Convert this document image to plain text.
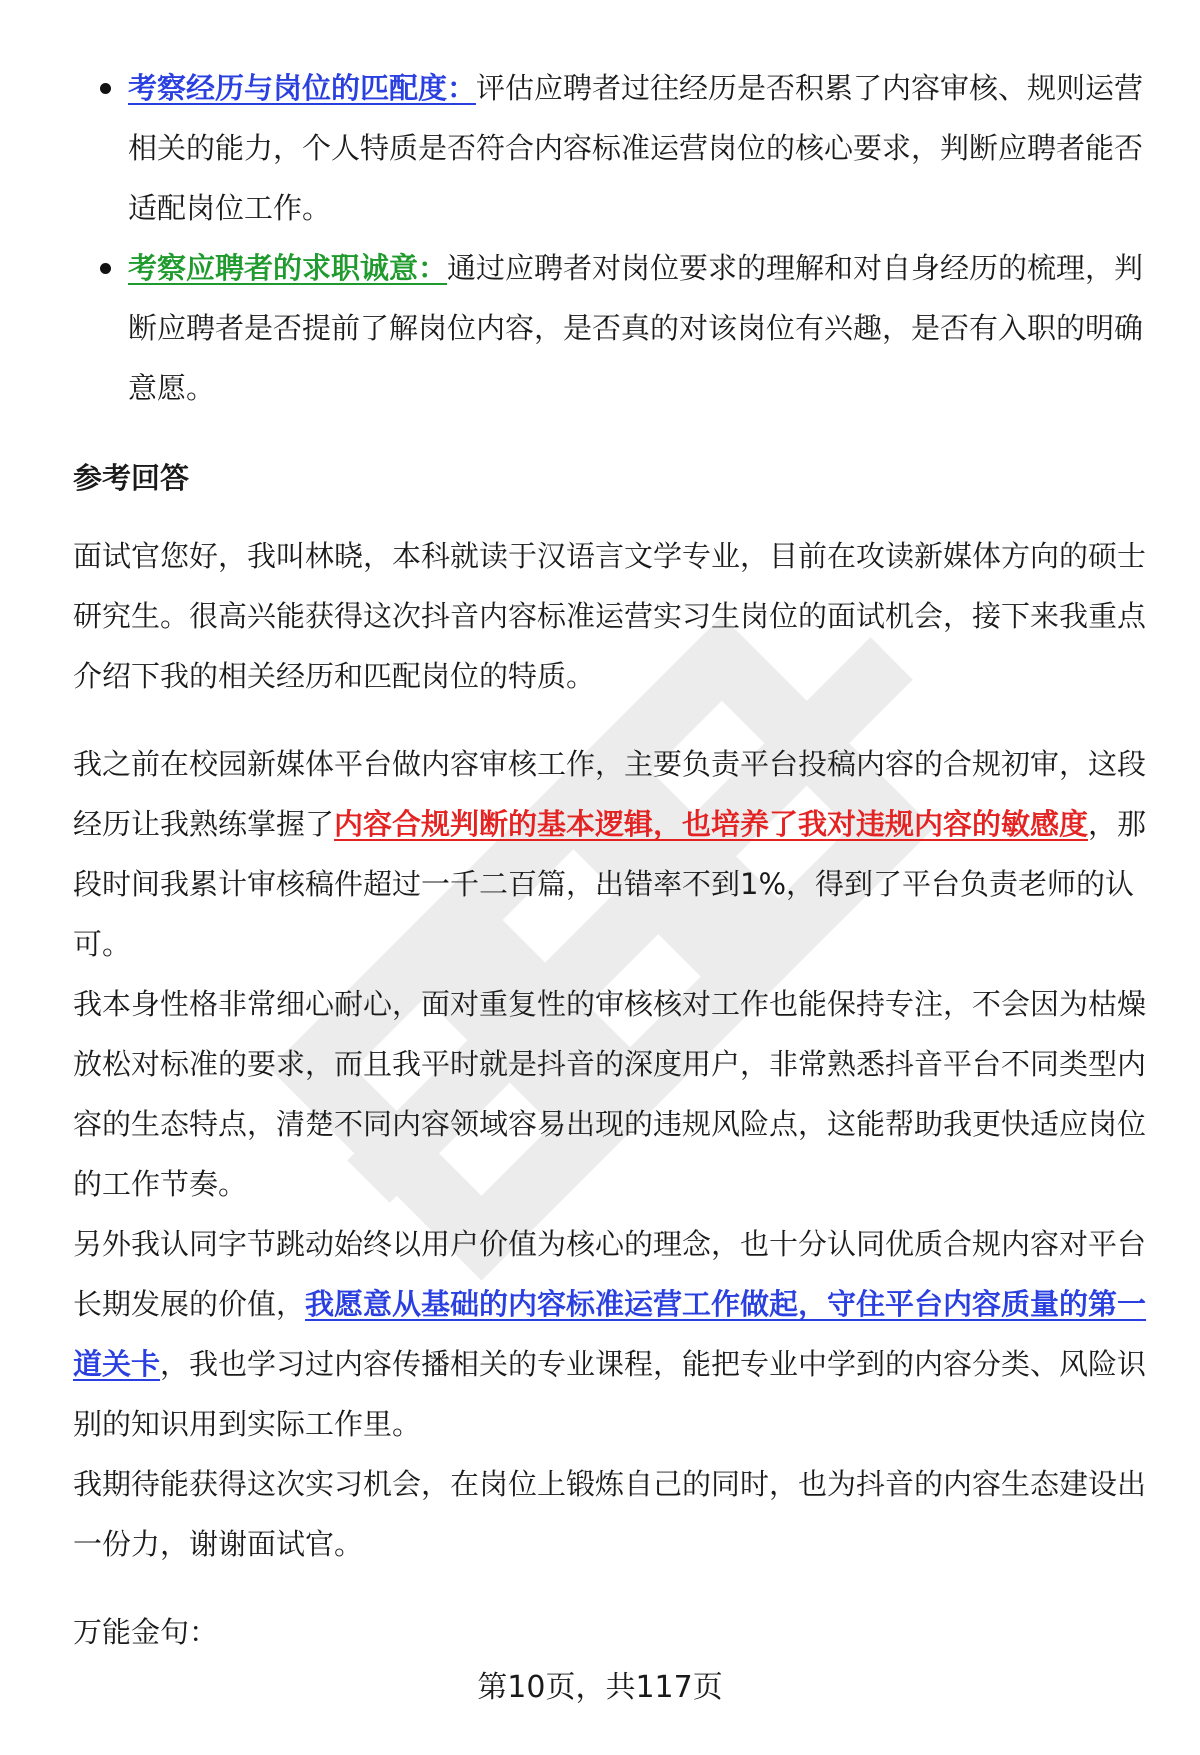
考察经历与岗位的匹配度：评估应聘者过往经历是否积累了内容审核、规则运营相关的能力，个人特质是否符合内容标准运营岗位的核心要求，判断应聘者能否适配岗位工作。
考察应聘者的求职诚意：通过应聘者对岗位要求的理解和对自身经历的梳理，判断应聘者是否提前了解岗位内容，是否真的对该岗位有兴趣，是否有入职的明确意愿。
参考回答

面试官您好，我叫林晓，本科就读于汉语言文学专业，目前在攻读新媒体方向的硕士研究生。很高兴能获得这次抖音内容标准运营实习生岗位的面试机会，接下来我重点介绍下我的相关经历和匹配岗位的特质。

我之前在校园新媒体平台做内容审核工作，主要负责平台投稿内容的合规初审，这段经历让我熟练掌握了内容合规判断的基本逻辑，也培养了我对违规内容的敏感度，那段时间我累计审核稿件超过一千二百篇，出错率不到1%，得到了平台负责老师的认可。

我本身性格非常细心耐心，面对重复性的审核核对工作也能保持专注，不会因为枯燥放松对标准的要求，而且我平时就是抖音的深度用户，非常熟悉抖音平台不同类型内容的生态特点，清楚不同内容领域容易出现的违规风险点，这能帮助我更快适应岗位的工作节奏。

另外我认同字节跳动始终以用户价值为核心的理念，也十分认同优质合规内容对平台长期发展的价值，我愿意从基础的内容标准运营工作做起，守住平台内容质量的第一道关卡，我也学习过内容传播相关的专业课程，能把专业中学到的内容分类、风险识别的知识用到实际工作里。

我期待能获得这次实习机会，在岗位上锻炼自己的同时，也为抖音的内容生态建设出一份力，谢谢面试官。

万能金句：

第10页，共117页
